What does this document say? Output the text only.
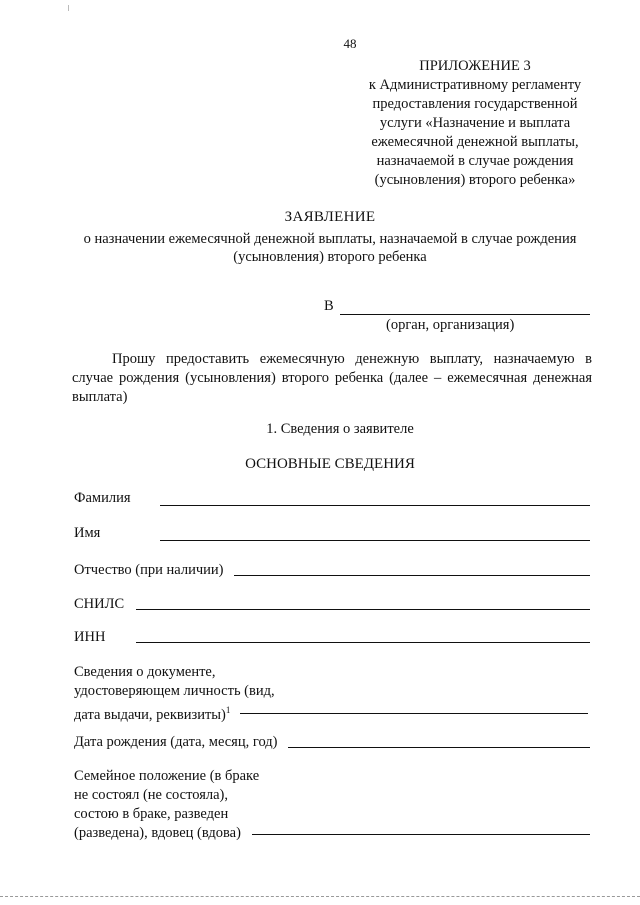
48
ПРИЛОЖЕНИЕ 3
к Административному регламенту
предоставления государственной
услуги «Назначение и выплата
ежемесячной денежной выплаты,
назначаемой в случае рождения
(усыновления) второго ребенка»
ЗАЯВЛЕНИЕ
о назначении ежемесячной денежной выплаты, назначаемой в случае рождения
(усыновления) второго ребенка
В
(орган, организация)
Прошу предоставить ежемесячную денежную выплату, назначаемую в случае рождения (усыновления) второго ребенка (далее – ежемесячная денежная выплата)
1. Сведения о заявителе
ОСНОВНЫЕ СВЕДЕНИЯ
Фамилия
Имя
Отчество (при наличии)
СНИЛС
ИНН
Сведения о документе,
удостоверяющем личность (вид,
дата выдачи, реквизиты)$^1$
Дата рождения (дата, месяц, год)
Семейное положение (в браке
не состоял (не состояла),
состою в браке, разведен
(разведена), вдовец (вдова)
